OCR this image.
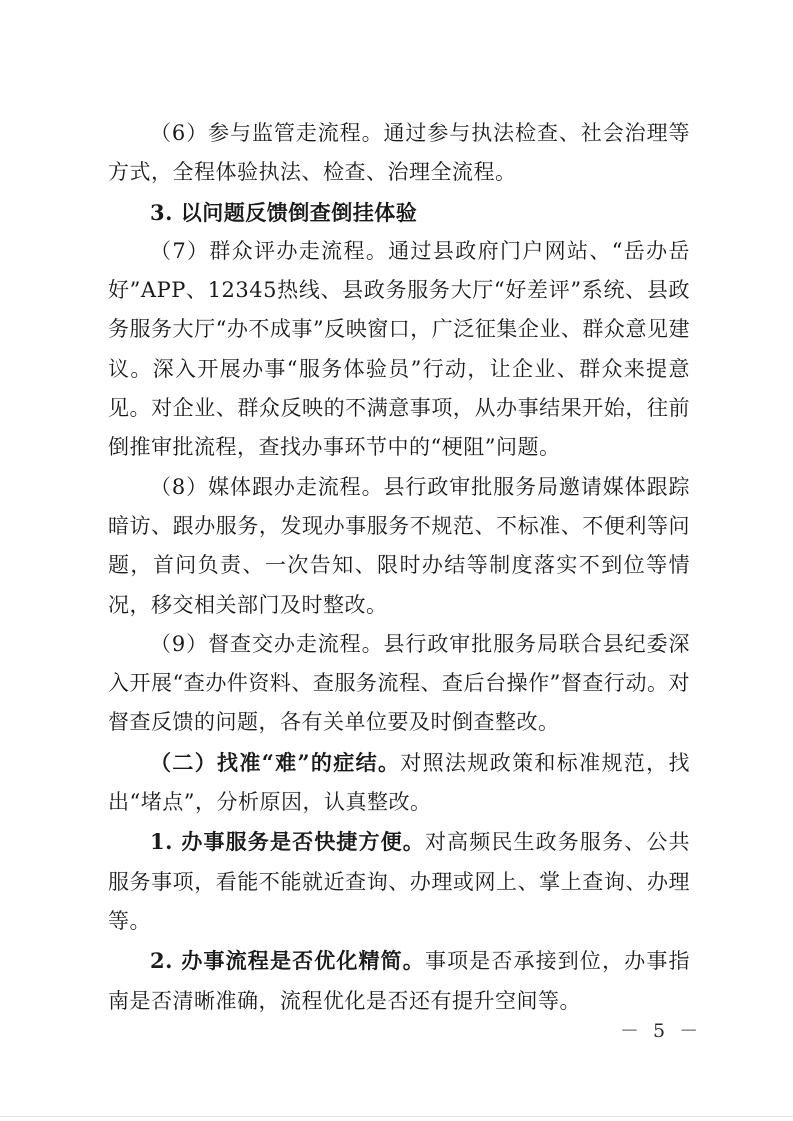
（6）参与监管走流程。通过参与执法检查、社会治理等方式，全程体验执法、检查、治理全流程。

3. 以问题反馈倒查倒挂体验

（7）群众评办走流程。通过县政府门户网站、“岳办岳好”APP、12345热线、县政务服务大厅“好差评”系统、县政务服务大厅“办不成事”反映窗口，广泛征集企业、群众意见建议。深入开展办事“服务体验员”行动，让企业、群众来提意见。对企业、群众反映的不满意事项，从办事结果开始，往前倒推审批流程，查找办事环节中的“梗阻”问题。

（8）媒体跟办走流程。县行政审批服务局邀请媒体跟踪暗访、跟办服务，发现办事服务不规范、不标准、不便利等问题，首问负责、一次告知、限时办结等制度落实不到位等情况，移交相关部门及时整改。

（9）督查交办走流程。县行政审批服务局联合县纪委深入开展“查办件资料、查服务流程、查后台操作”督查行动。对督查反馈的问题，各有关单位要及时倒查整改。

（二）找准“难”的症结。对照法规政策和标准规范，找出“堵点”，分析原因，认真整改。

1. 办事服务是否快捷方便。对高频民生政务服务、公共服务事项，看能不能就近查询、办理或网上、掌上查询、办理等。

2. 办事流程是否优化精简。事项是否承接到位，办事指南是否清晰准确，流程优化是否还有提升空间等。

－ 5 －
